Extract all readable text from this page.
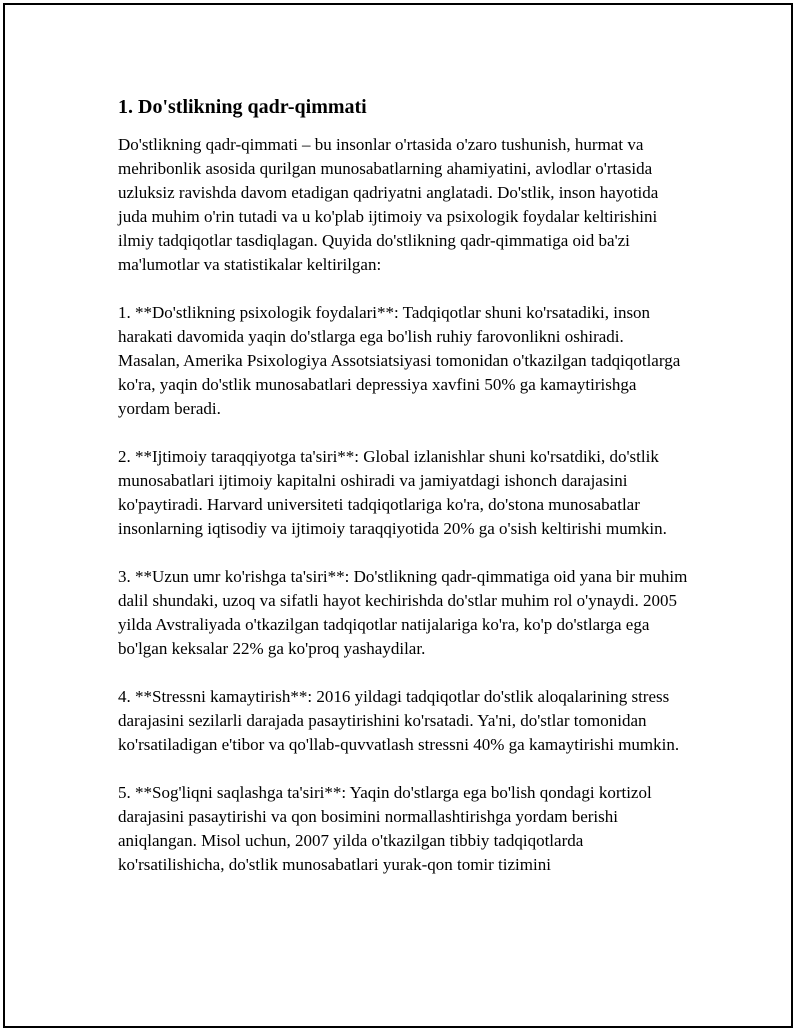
1. Do'stlikning qadr-qimmati

Do'stlikning qadr-qimmati – bu insonlar o'rtasida o'zaro tushunish, hurmat va mehribonlik asosida qurilgan munosabatlarning ahamiyatini, avlodlar o'rtasida uzluksiz ravishda davom etadigan qadriyatni anglatadi. Do'stlik, inson hayotida juda muhim o'rin tutadi va u ko'plab ijtimoiy va psixologik foydalar keltirishini ilmiy tadqiqotlar tasdiqlagan. Quyida do'stlikning qadr-qimmatiga oid ba'zi ma'lumotlar va statistikalar keltirilgan:

1. **Do'stlikning psixologik foydalari**: Tadqiqotlar shuni ko'rsatadiki, inson harakati davomida yaqin do'stlarga ega bo'lish ruhiy farovonlikni oshiradi. Masalan, Amerika Psixologiya Assotsiatsiyasi tomonidan o'tkazilgan tadqiqotlarga ko'ra, yaqin do'stlik munosabatlari depressiya xavfini 50% ga kamaytirishga yordam beradi.

2. **Ijtimoiy taraqqiyotga ta'siri**: Global izlanishlar shuni ko'rsatdiki, do'stlik munosabatlari ijtimoiy kapitalni oshiradi va jamiyatdagi ishonch darajasini ko'paytiradi. Harvard universiteti tadqiqotlariga ko'ra, do'stona munosabatlar insonlarning iqtisodiy va ijtimoiy taraqqiyotida 20% ga o'sish keltirishi mumkin.

3. **Uzun umr ko'rishga ta'siri**: Do'stlikning qadr-qimmatiga oid yana bir muhim dalil shundaki, uzoq va sifatli hayot kechirishda do'stlar muhim rol o'ynaydi. 2005 yilda Avstraliyada o'tkazilgan tadqiqotlar natijalariga ko'ra, ko'p do'stlarga ega bo'lgan keksalar 22% ga ko'proq yashaydilar.

4. **Stressni kamaytirish**: 2016 yildagi tadqiqotlar do'stlik aloqalarining stress darajasini sezilarli darajada pasaytirishini ko'rsatadi. Ya'ni, do'stlar tomonidan ko'rsatiladigan e'tibor va qo'llab-quvvatlash stressni 40% ga kamaytirishi mumkin.

5. **Sog'liqni saqlashga ta'siri**: Yaqin do'stlarga ega bo'lish qondagi kortizol darajasini pasaytirishi va qon bosimini normallashtirishga yordam berishi aniqlangan. Misol uchun, 2007 yilda o'tkazilgan tibbiy tadqiqotlarda ko'rsatilishicha, do'stlik munosabatlari yurak-qon tomir tizimini
